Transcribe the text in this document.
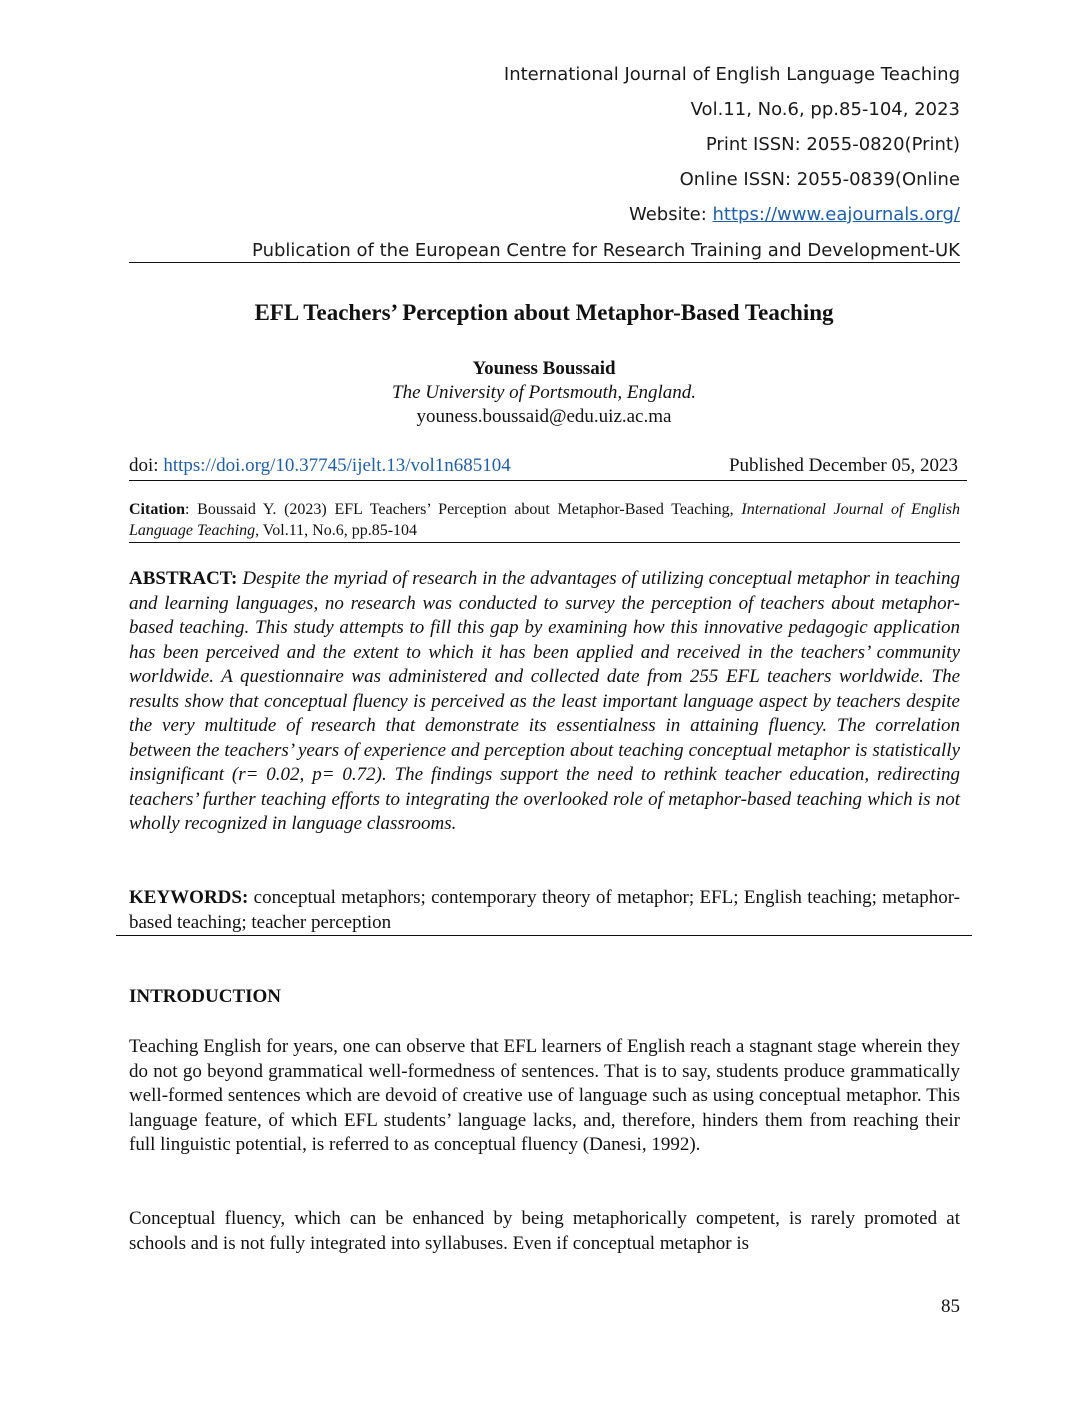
International Journal of English Language Teaching
Vol.11, No.6, pp.85-104, 2023
Print ISSN: 2055-0820(Print)
Online ISSN: 2055-0839(Online
Website: https://www.eajournals.org/
Publication of the European Centre for Research Training and Development-UK
EFL Teachers’ Perception about Metaphor-Based Teaching
Youness Boussaid
The University of Portsmouth, England.
youness.boussaid@edu.uiz.ac.ma
doi: https://doi.org/10.37745/ijelt.13/vol1n685104	Published December 05, 2023
Citation: Boussaid Y. (2023) EFL Teachers’ Perception about Metaphor-Based Teaching, International Journal of English Language Teaching, Vol.11, No.6, pp.85-104
ABSTRACT: Despite the myriad of research in the advantages of utilizing conceptual metaphor in teaching and learning languages, no research was conducted to survey the perception of teachers about metaphor-based teaching. This study attempts to fill this gap by examining how this innovative pedagogic application has been perceived and the extent to which it has been applied and received in the teachers’ community worldwide. A questionnaire was administered and collected date from 255 EFL teachers worldwide. The results show that conceptual fluency is perceived as the least important language aspect by teachers despite the very multitude of research that demonstrate its essentialness in attaining fluency. The correlation between the teachers’ years of experience and perception about teaching conceptual metaphor is statistically insignificant (r= 0.02, p= 0.72). The findings support the need to rethink teacher education, redirecting teachers’ further teaching efforts to integrating the overlooked role of metaphor-based teaching which is not wholly recognized in language classrooms.
KEYWORDS: conceptual metaphors; contemporary theory of metaphor; EFL; English teaching; metaphor-based teaching; teacher perception
INTRODUCTION
Teaching English for years, one can observe that EFL learners of English reach a stagnant stage wherein they do not go beyond grammatical well-formedness of sentences. That is to say, students produce grammatically well-formed sentences which are devoid of creative use of language such as using conceptual metaphor. This language feature, of which EFL students’ language lacks, and, therefore, hinders them from reaching their full linguistic potential, is referred to as conceptual fluency (Danesi, 1992).
Conceptual fluency, which can be enhanced by being metaphorically competent, is rarely promoted at schools and is not fully integrated into syllabuses. Even if conceptual metaphor is
85
